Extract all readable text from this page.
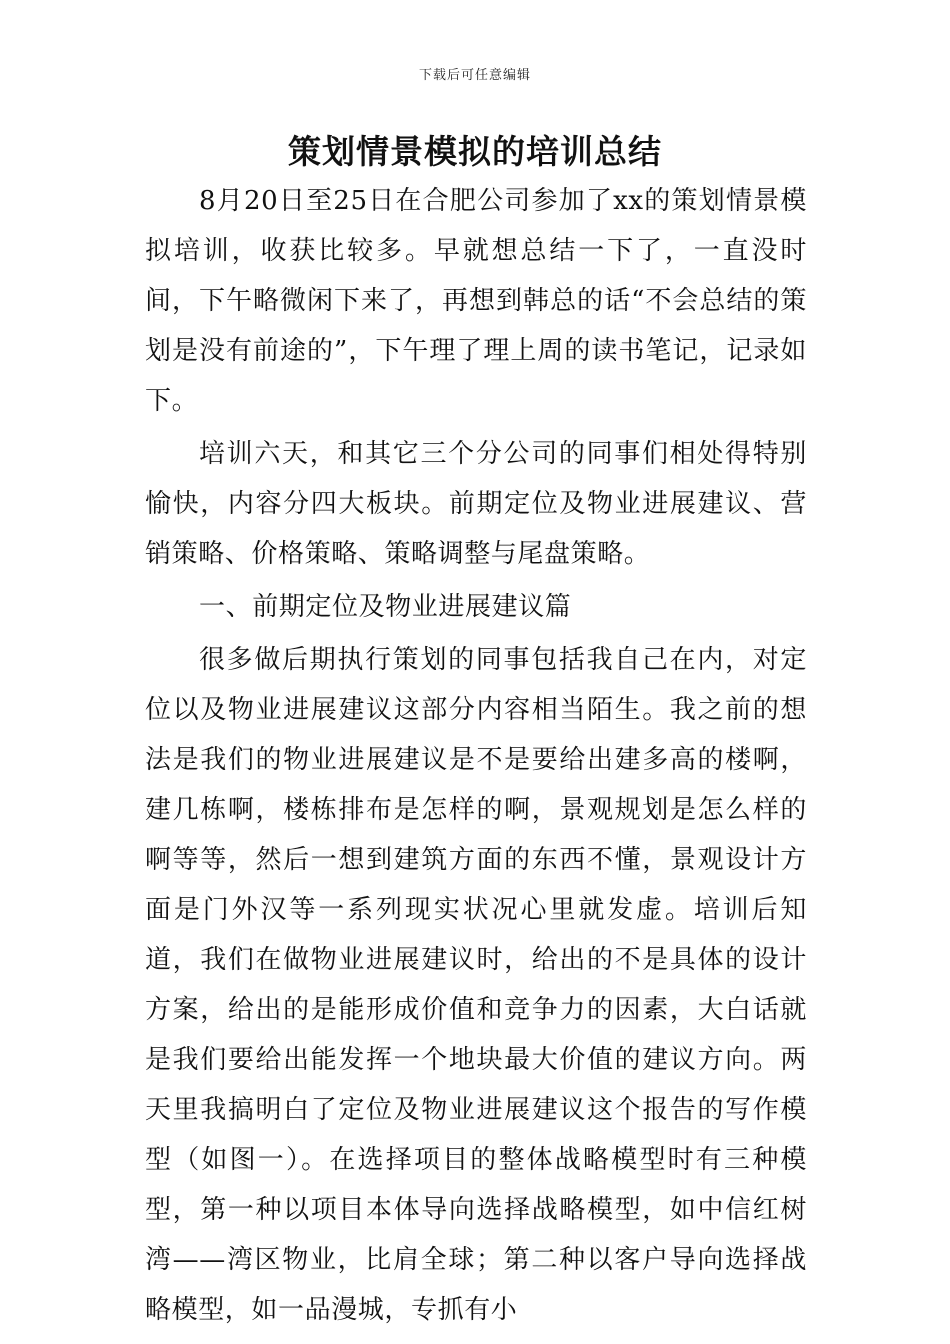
下载后可任意编辑
策划情景模拟的培训总结

8月20日至25日在合肥公司参加了xx的策划情景模拟培训，收获比较多。早就想总结一下了，一直没时间，下午略微闲下来了，再想到韩总的话“不会总结的策划是没有前途的”，下午理了理上周的读书笔记，记录如下。

培训六天，和其它三个分公司的同事们相处得特别愉快，内容分四大板块。前期定位及物业进展建议、营销策略、价格策略、策略调整与尾盘策略。

一、前期定位及物业进展建议篇

很多做后期执行策划的同事包括我自己在内，对定位以及物业进展建议这部分内容相当陌生。我之前的想法是我们的物业进展建议是不是要给出建多高的楼啊，建几栋啊，楼栋排布是怎样的啊，景观规划是怎么样的啊等等，然后一想到建筑方面的东西不懂，景观设计方面是门外汉等一系列现实状况心里就发虚。培训后知道，我们在做物业进展建议时，给出的不是具体的设计方案，给出的是能形成价值和竞争力的因素，大白话就是我们要给出能发挥一个地块最大价值的建议方向。两天里我搞明白了定位及物业进展建议这个报告的写作模型（如图一）。在选择项目的整体战略模型时有三种模型，第一种以项目本体导向选择战略模型，如中信红树湾——湾区物业，比肩全球；第二种以客户导向选择战略模型，如一品漫城，专抓有小
